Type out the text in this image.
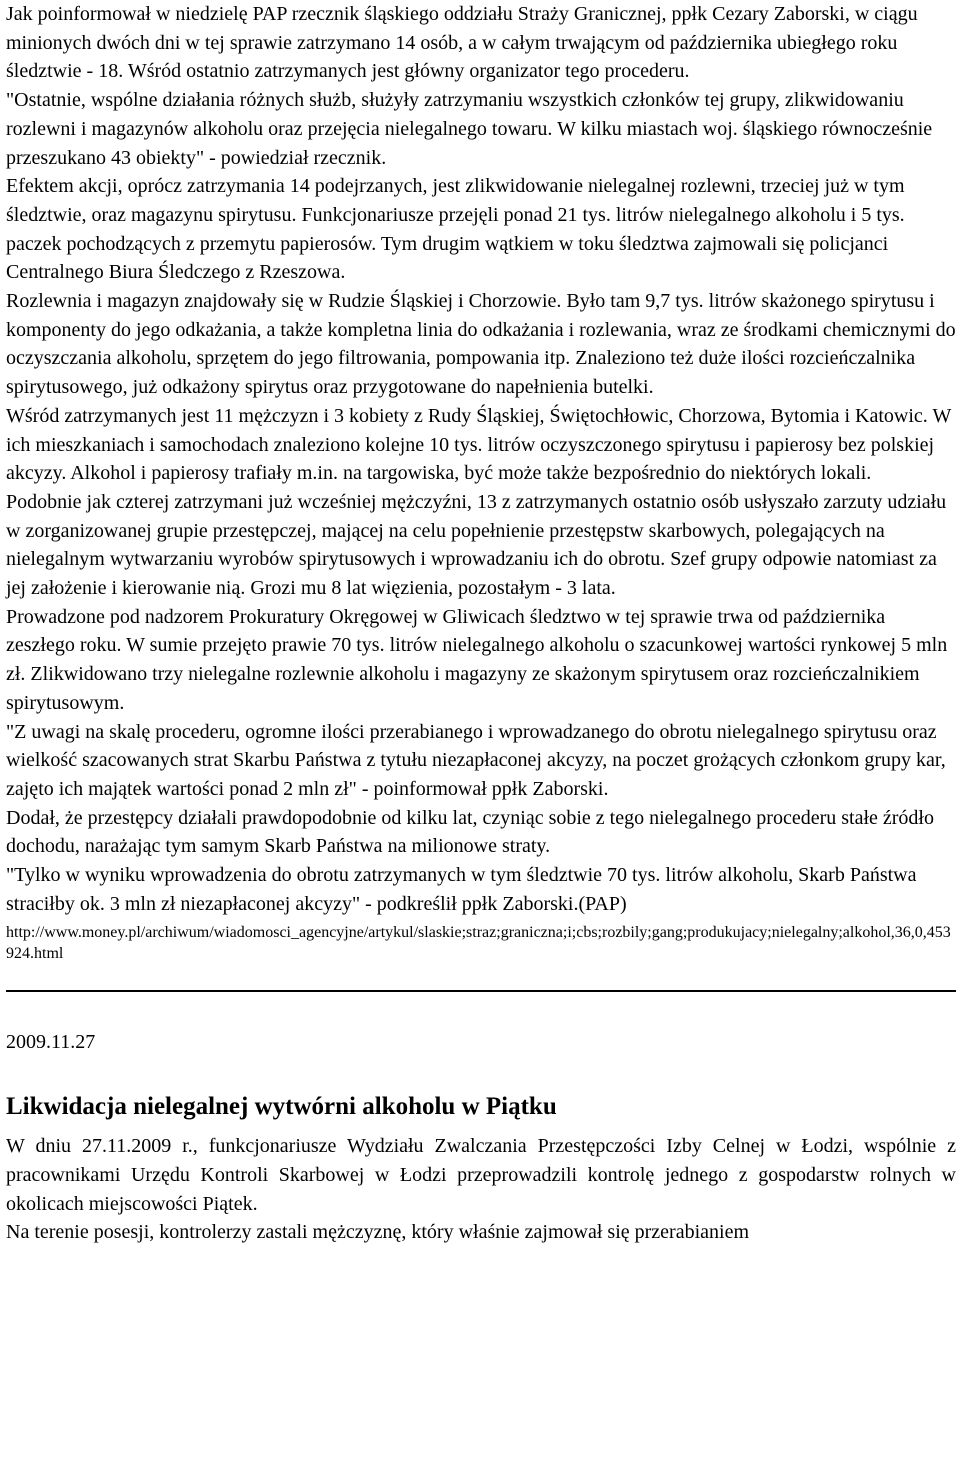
Jak poinformował w niedzielę PAP rzecznik śląskiego oddziału Straży Granicznej, ppłk Cezary Zaborski, w ciągu minionych dwóch dni w tej sprawie zatrzymano 14 osób, a w całym trwającym od października ubiegłego roku śledztwie - 18. Wśród ostatnio zatrzymanych jest główny organizator tego procederu.

"Ostatnie, wspólne działania różnych służb, służyły zatrzymaniu wszystkich członków tej grupy, zlikwidowaniu rozlewni i magazynów alkoholu oraz przejęcia nielegalnego towaru. W kilku miastach woj. śląskiego równocześnie przeszukano 43 obiekty" - powiedział rzecznik.

Efektem akcji, oprócz zatrzymania 14 podejrzanych, jest zlikwidowanie nielegalnej rozlewni, trzeciej już w tym śledztwie, oraz magazynu spirytusu. Funkcjonariusze przejęli ponad 21 tys. litrów nielegalnego alkoholu i 5 tys. paczek pochodzących z przemytu papierosów. Tym drugim wątkiem w toku śledztwa zajmowali się policjanci Centralnego Biura Śledczego z Rzeszowa.

Rozlewnia i magazyn znajdowały się w Rudzie Śląskiej i Chorzowie. Było tam 9,7 tys. litrów skażonego spirytusu i komponenty do jego odkażania, a także kompletna linia do odkażania i rozlewania, wraz ze środkami chemicznymi do oczyszczania alkoholu, sprzętem do jego filtrowania, pompowania itp. Znaleziono też duże ilości rozcieńczalnika spirytusowego, już odkażony spirytus oraz przygotowane do napełnienia butelki.

Wśród zatrzymanych jest 11 mężczyzn i 3 kobiety z Rudy Śląskiej, Świętochłowic, Chorzowa, Bytomia i Katowic. W ich mieszkaniach i samochodach znaleziono kolejne 10 tys. litrów oczyszczonego spirytusu i papierosy bez polskiej akcyzy. Alkohol i papierosy trafiały m.in. na targowiska, być może także bezpośrednio do niektórych lokali.

Podobnie jak czterej zatrzymani już wcześniej mężczyźni, 13 z zatrzymanych ostatnio osób usłyszało zarzuty udziału w zorganizowanej grupie przestępczej, mającej na celu popełnienie przestępstw skarbowych, polegających na nielegalnym wytwarzaniu wyrobów spirytusowych i wprowadzaniu ich do obrotu. Szef grupy odpowie natomiast za jej założenie i kierowanie nią. Grozi mu 8 lat więzienia, pozostałym - 3 lata.

Prowadzone pod nadzorem Prokuratury Okręgowej w Gliwicach śledztwo w tej sprawie trwa od października zeszłego roku. W sumie przejęto prawie 70 tys. litrów nielegalnego alkoholu o szacunkowej wartości rynkowej 5 mln zł. Zlikwidowano trzy nielegalne rozlewnie alkoholu i magazyny ze skażonym spirytusem oraz rozcieńczalnikiem spirytusowym.

"Z uwagi na skalę procederu, ogromne ilości przerabianego i wprowadzanego do obrotu nielegalnego spirytusu oraz wielkość szacowanych strat Skarbu Państwa z tytułu niezapłaconej akcyzy, na poczet grożących członkom grupy kar, zajęto ich majątek wartości ponad 2 mln zł" - poinformował ppłk Zaborski.

Dodał, że przestępcy działali prawdopodobnie od kilku lat, czyniąc sobie z tego nielegalnego procederu stałe źródło dochodu, narażając tym samym Skarb Państwa na milionowe straty.

"Tylko w wyniku wprowadzenia do obrotu zatrzymanych w tym śledztwie 70 tys. litrów alkoholu, Skarb Państwa straciłby ok. 3 mln zł niezapłaconej akcyzy" - podkreślił ppłk Zaborski.(PAP)

http://www.money.pl/archiwum/wiadomosci_agencyjne/artykul/slaskie;straz;graniczna;i;cbs;rozbily;gang;produkujacy;nielegalny;alkohol,36,0,453924.html

2009.11.27

Likwidacja nielegalnej wytwórni alkoholu w Piątku

W dniu 27.11.2009 r., funkcjonariusze Wydziału Zwalczania Przestępczości Izby Celnej w Łodzi, wspólnie z pracownikami Urzędu Kontroli Skarbowej w Łodzi przeprowadzili kontrolę jednego z gospodarstw rolnych w okolicach miejscowości Piątek.

Na terenie posesji, kontrolerzy zastali mężczyznę, który właśnie zajmował się przerabianiem
